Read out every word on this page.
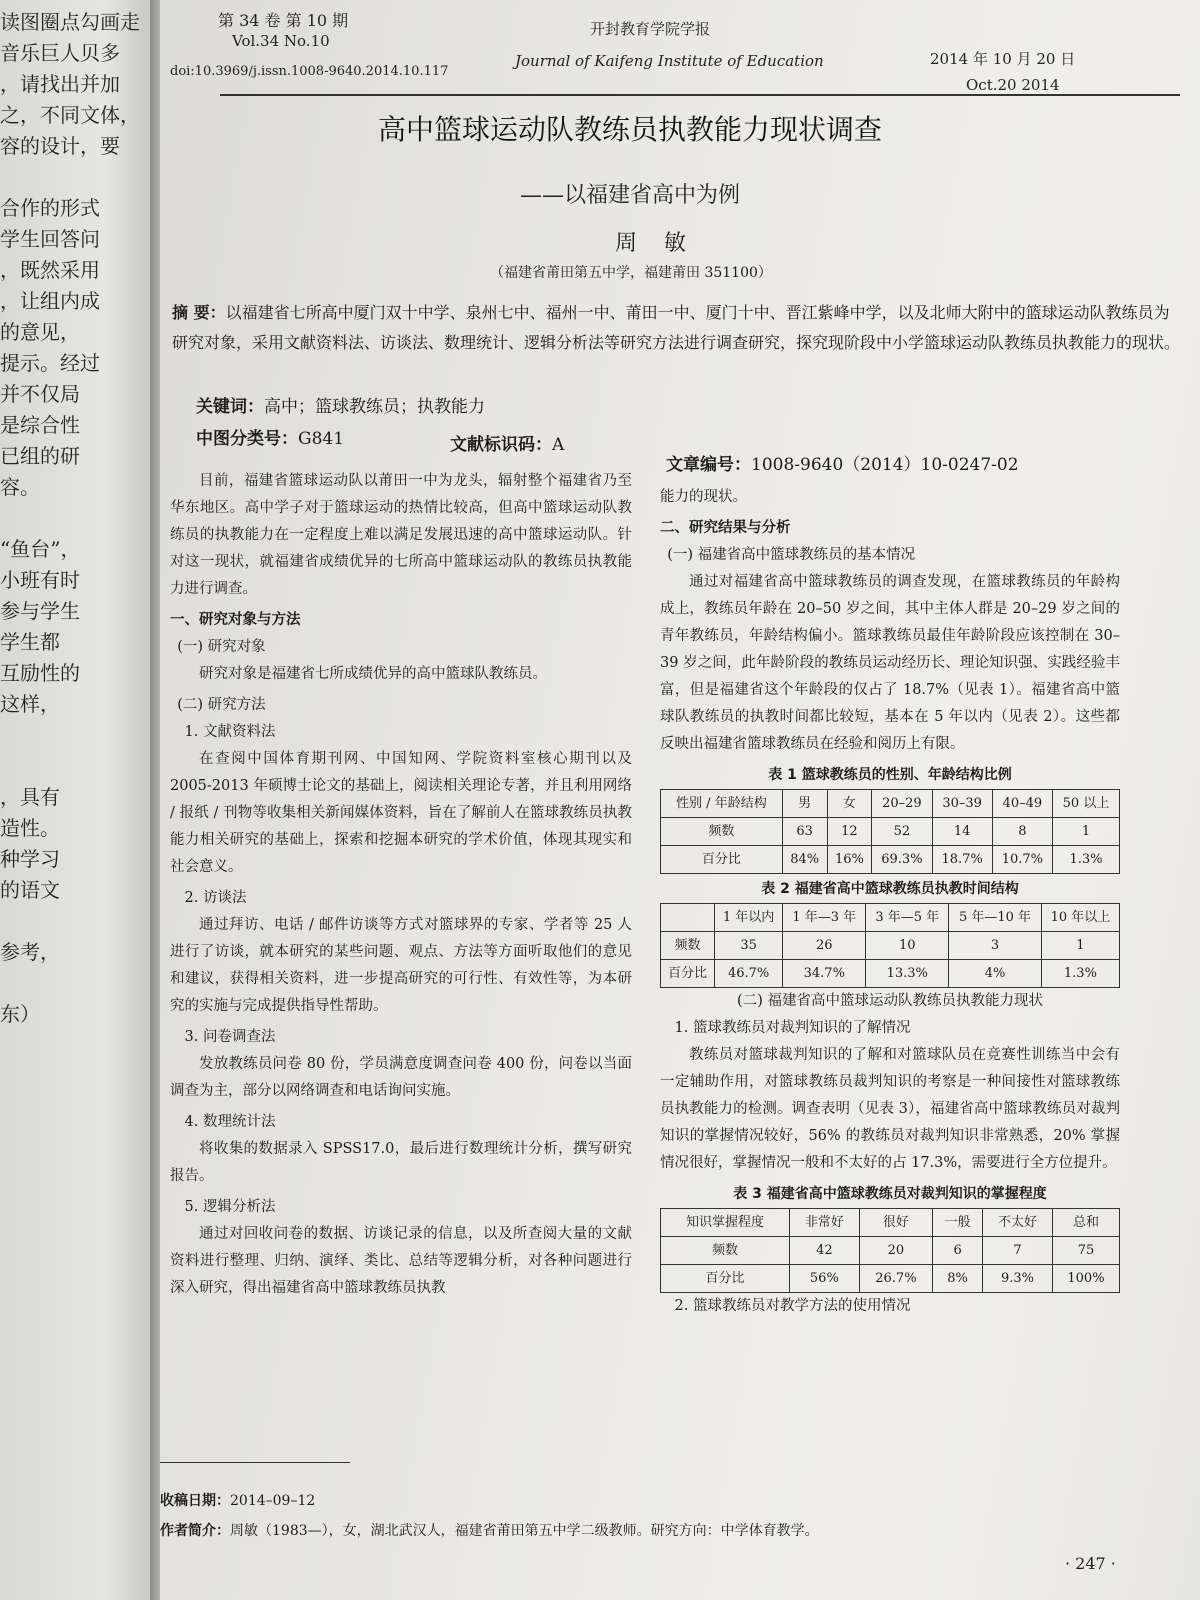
读图圈点勾画走
音乐巨人贝多
，请找出并加
之，不同文体，
容的设计，要
合作的形式
学生回答问
，既然采用
，让组内成
的意见，
提示。经过
并不仅局
是综合性
已组的研
容。
“鱼台”，
小班有时
参与学生
学生都
互励性的
这样，
，具有
造性。
种学习
的语文
参考，
东）
第 34 卷 第 10 期
Vol.34 No.10
doi:10.3969/j.issn.1008-9640.2014.10.117
开封教育学院学报
Journal of Kaifeng Institute of Education	2014 年 10 月 20 日
Oct.20 2014
高中篮球运动队教练员执教能力现状调查
——以福建省高中为例
周 敏
（福建省莆田第五中学，福建莆田 351100）
摘 要：以福建省七所高中厦门双十中学、泉州七中、福州一中、莆田一中、厦门十中、晋江紫峰中学，以及北师大附中的篮球运动队教练员为研究对象，采用文献资料法、访谈法、数理统计、逻辑分析法等研究方法进行调查研究，探究现阶段中小学篮球运动队教练员执教能力的现状。
关键词：高中；篮球教练员；执教能力
中图分类号：G841	文献标识码：A
文章编号：1008-9640（2014）10-0247-02

目前，福建省篮球运动队以莆田一中为龙头，辐射整个福建省乃至华东地区。高中学子对于篮球运动的热情比较高，但高中篮球运动队教练员的执教能力在一定程度上难以满足发展迅速的高中篮球运动队。针对这一现状，就福建省成绩优异的七所高中篮球运动队的教练员执教能力进行调查。

一、研究对象与方法
(一) 研究对象

研究对象是福建省七所成绩优异的高中篮球队教练员。

(二) 研究方法
1. 文献资料法

在查阅中国体育期刊网、中国知网、学院资料室核心期刊以及 2005-2013 年硕博士论文的基础上，阅读相关理论专著，并且利用网络 / 报纸 / 刊物等收集相关新闻媒体资料，旨在了解前人在篮球教练员执教能力相关研究的基础上，探索和挖掘本研究的学术价值，体现其现实和社会意义。

2. 访谈法

通过拜访、电话 / 邮件访谈等方式对篮球界的专家、学者等 25 人进行了访谈，就本研究的某些问题、观点、方法等方面听取他们的意见和建议，获得相关资料，进一步提高研究的可行性、有效性等，为本研究的实施与完成提供指导性帮助。

3. 问卷调查法

发放教练员问卷 80 份，学员满意度调查问卷 400 份，问卷以当面调查为主，部分以网络调查和电话询问实施。

4. 数理统计法

将收集的数据录入 SPSS17.0，最后进行数理统计分析，撰写研究报告。

5. 逻辑分析法

通过对回收问卷的数据、访谈记录的信息，以及所查阅大量的文献资料进行整理、归纳、演绎、类比、总结等逻辑分析，对各种问题进行深入研究，得出福建省高中篮球教练员执教

能力的现状。

二、研究结果与分析
(一) 福建省高中篮球教练员的基本情况

通过对福建省高中篮球教练员的调查发现，在篮球教练员的年龄构成上，教练员年龄在 20–50 岁之间，其中主体人群是 20–29 岁之间的青年教练员，年龄结构偏小。篮球教练员最佳年龄阶段应该控制在 30–39 岁之间，此年龄阶段的教练员运动经历长、理论知识强、实践经验丰富，但是福建省这个年龄段的仅占了 18.7%（见表 1）。福建省高中篮球队教练员的执教时间都比较短，基本在 5 年以内（见表 2）。这些都反映出福建省篮球教练员在经验和阅历上有限。

表 1 篮球教练员的性别、年龄结构比例
性别 / 年龄结构	男	女	20–29	30–39	40–49	50 以上
频数	63	12	52	14	8	1
百分比	84%	16%	69.3%	18.7%	10.7%	1.3%
表 2 福建省高中篮球教练员执教时间结构
	1 年以内	1 年—3 年	3 年—5 年	5 年—10 年	10 年以上
频数	35	26	10	3	1
百分比	46.7%	34.7%	13.3%	4%	1.3%
(二) 福建省高中篮球运动队教练员执教能力现状
1. 篮球教练员对裁判知识的了解情况

教练员对篮球裁判知识的了解和对篮球队员在竞赛性训练当中会有一定辅助作用，对篮球教练员裁判知识的考察是一种间接性对篮球教练员执教能力的检测。调查表明（见表 3），福建省高中篮球教练员对裁判知识的掌握情况较好，56% 的教练员对裁判知识非常熟悉，20% 掌握情况很好，掌握情况一般和不太好的占 17.3%，需要进行全方位提升。

表 3 福建省高中篮球教练员对裁判知识的掌握程度
知识掌握程度	非常好	很好	一般	不太好	总和
频数	42	20	6	7	75
百分比	56%	26.7%	8%	9.3%	100%
2. 篮球教练员对教学方法的使用情况
收稿日期：2014–09–12
作者简介：周敏（1983—），女，湖北武汉人，福建省莆田第五中学二级教师。研究方向：中学体育教学。
· 247 ·
